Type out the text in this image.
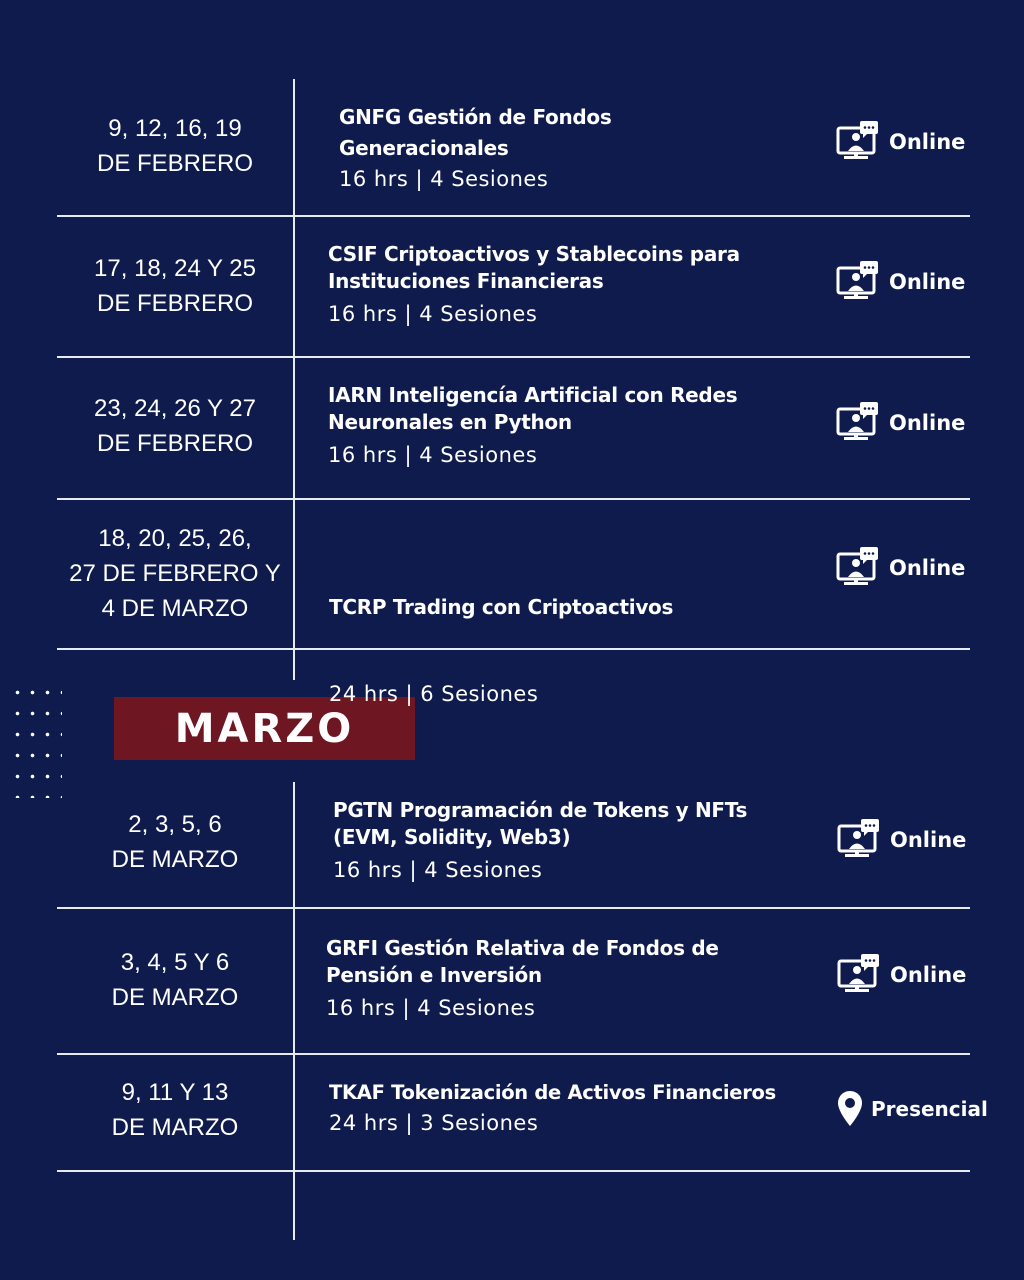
MARZO
9, 12, 16, 19
DE FEBRERO
GNFG Gestión de Fondos
Generacionales
16 hrs | 4 Sesiones
Online
17, 18, 24 Y 25
DE FEBRERO
CSIF Criptoactivos y Stablecoins para
Instituciones Financieras
16 hrs | 4 Sesiones
Online
23, 24, 26 Y 27
DE FEBRERO
IARN Inteligencía Artificial con Redes
Neuronales en Python
16 hrs | 4 Sesiones
Online
18, 20, 25, 26,
27 DE FEBRERO Y
4 DE MARZO

	TCRP Trading con Criptoactivos

24 hrs | 6 Sesiones
Online
2, 3, 5, 6
DE MARZO
PGTN Programación de Tokens y NFTs
(EVM, Solidity, Web3)
16 hrs | 4 Sesiones
Online
3, 4, 5 Y 6
DE MARZO
GRFI Gestión Relativa de Fondos de
Pensión e Inversión
16 hrs | 4 Sesiones
Online
9, 11 Y 13
DE MARZO
TKAF Tokenización de Activos Financieros
24 hrs | 3 Sesiones
Presencial
